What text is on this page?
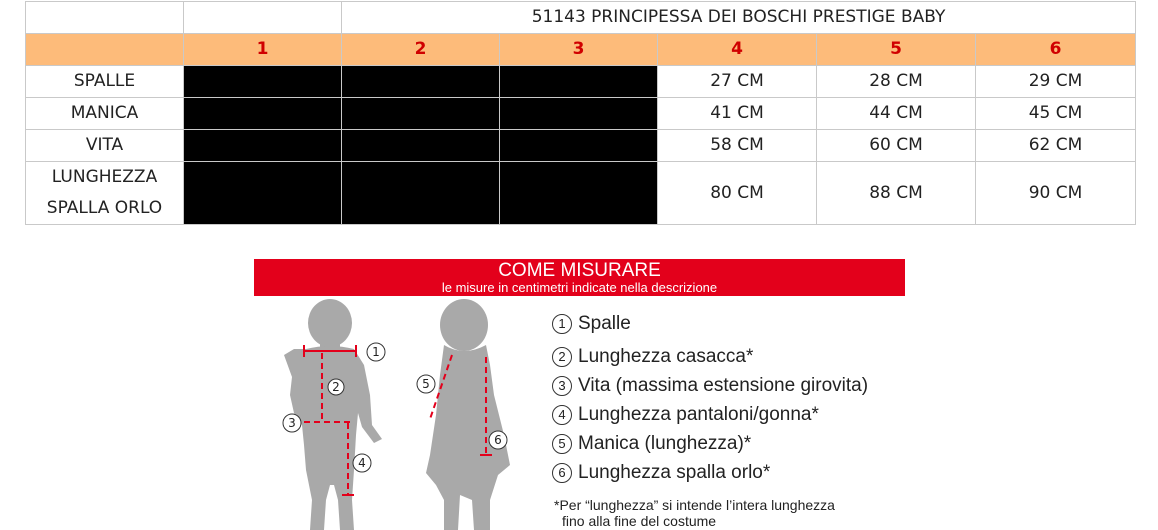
		51143 PRINCIPESSA DEI BOSCHI PRESTIGE BABY				
	1	2	3	4	5	6
SPALLE				27 CM	28 CM	29 CM
MANICA				41 CM	44 CM	45 CM
VITA				58 CM	60 CM	62 CM

LUNGHEZZA
SPALLA ORLO				80 CM	88 CM	90 CM
COME MISURARE
le misure in centimetri indicate nella descrizione
1
2
3
4
5
6
1 Spalle
2 Lunghezza casacca*
3 Vita (massima estensione girovita)
4 Lunghezza pantaloni/gonna*
5 Manica (lunghezza)*
6 Lunghezza spalla orlo*
*Per “lunghezza” si intende l’intera lunghezza
fino alla fine del costume
